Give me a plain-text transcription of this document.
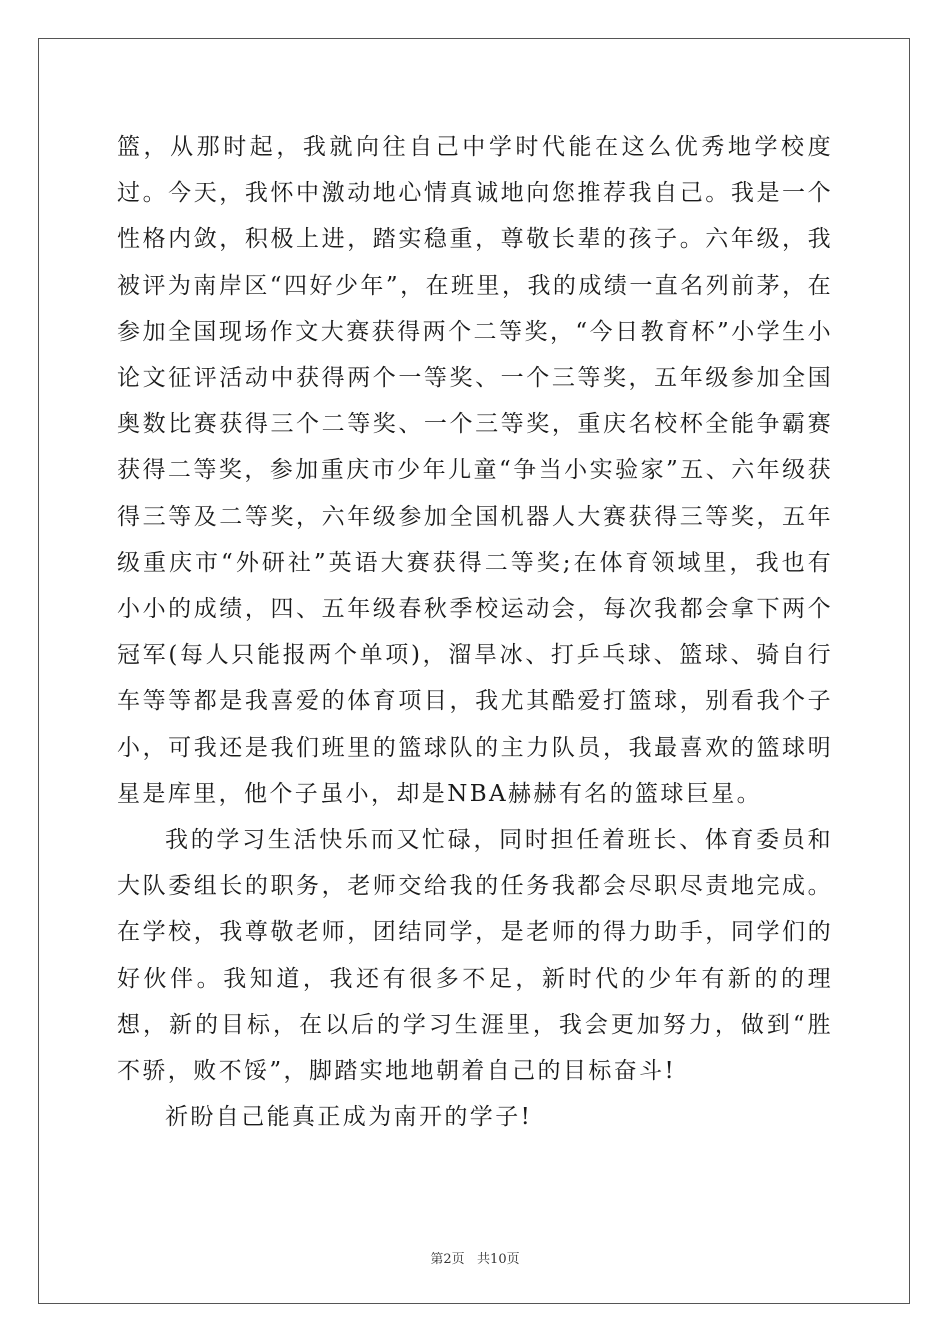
篮，从那时起，我就向往自己中学时代能在这么优秀地学校度过。今天，我怀中激动地心情真诚地向您推荐我自己。我是一个性格内敛，积极上进，踏实稳重，尊敬长辈的孩子。六年级，我被评为南岸区“四好少年”，在班里，我的成绩一直名列前茅，在参加全国现场作文大赛获得两个二等奖，“今日教育杯”小学生小论文征评活动中获得两个一等奖、一个三等奖，五年级参加全国奥数比赛获得三个二等奖、一个三等奖，重庆名校杯全能争霸赛获得二等奖，参加重庆市少年儿童“争当小实验家”五、六年级获得三等及二等奖，六年级参加全国机器人大赛获得三等奖，五年级重庆市“外研社”英语大赛获得二等奖;在体育领域里，我也有小小的成绩，四、五年级春秋季校运动会，每次我都会拿下两个冠军(每人只能报两个单项)，溜旱冰、打乒乓球、篮球、骑自行车等等都是我喜爱的体育项目，我尤其酷爱打篮球，别看我个子小，可我还是我们班里的篮球队的主力队员，我最喜欢的篮球明星是库里，他个子虽小，却是NBA赫赫有名的篮球巨星。

我的学习生活快乐而又忙碌，同时担任着班长、体育委员和大队委组长的职务，老师交给我的任务我都会尽职尽责地完成。在学校，我尊敬老师，团结同学，是老师的得力助手，同学们的好伙伴。我知道，我还有很多不足，新时代的少年有新的的理想，新的目标，在以后的学习生涯里，我会更加努力，做到“胜不骄，败不馁”，脚踏实地地朝着自己的目标奋斗!

祈盼自己能真正成为南开的学子!

第2页   共10页
